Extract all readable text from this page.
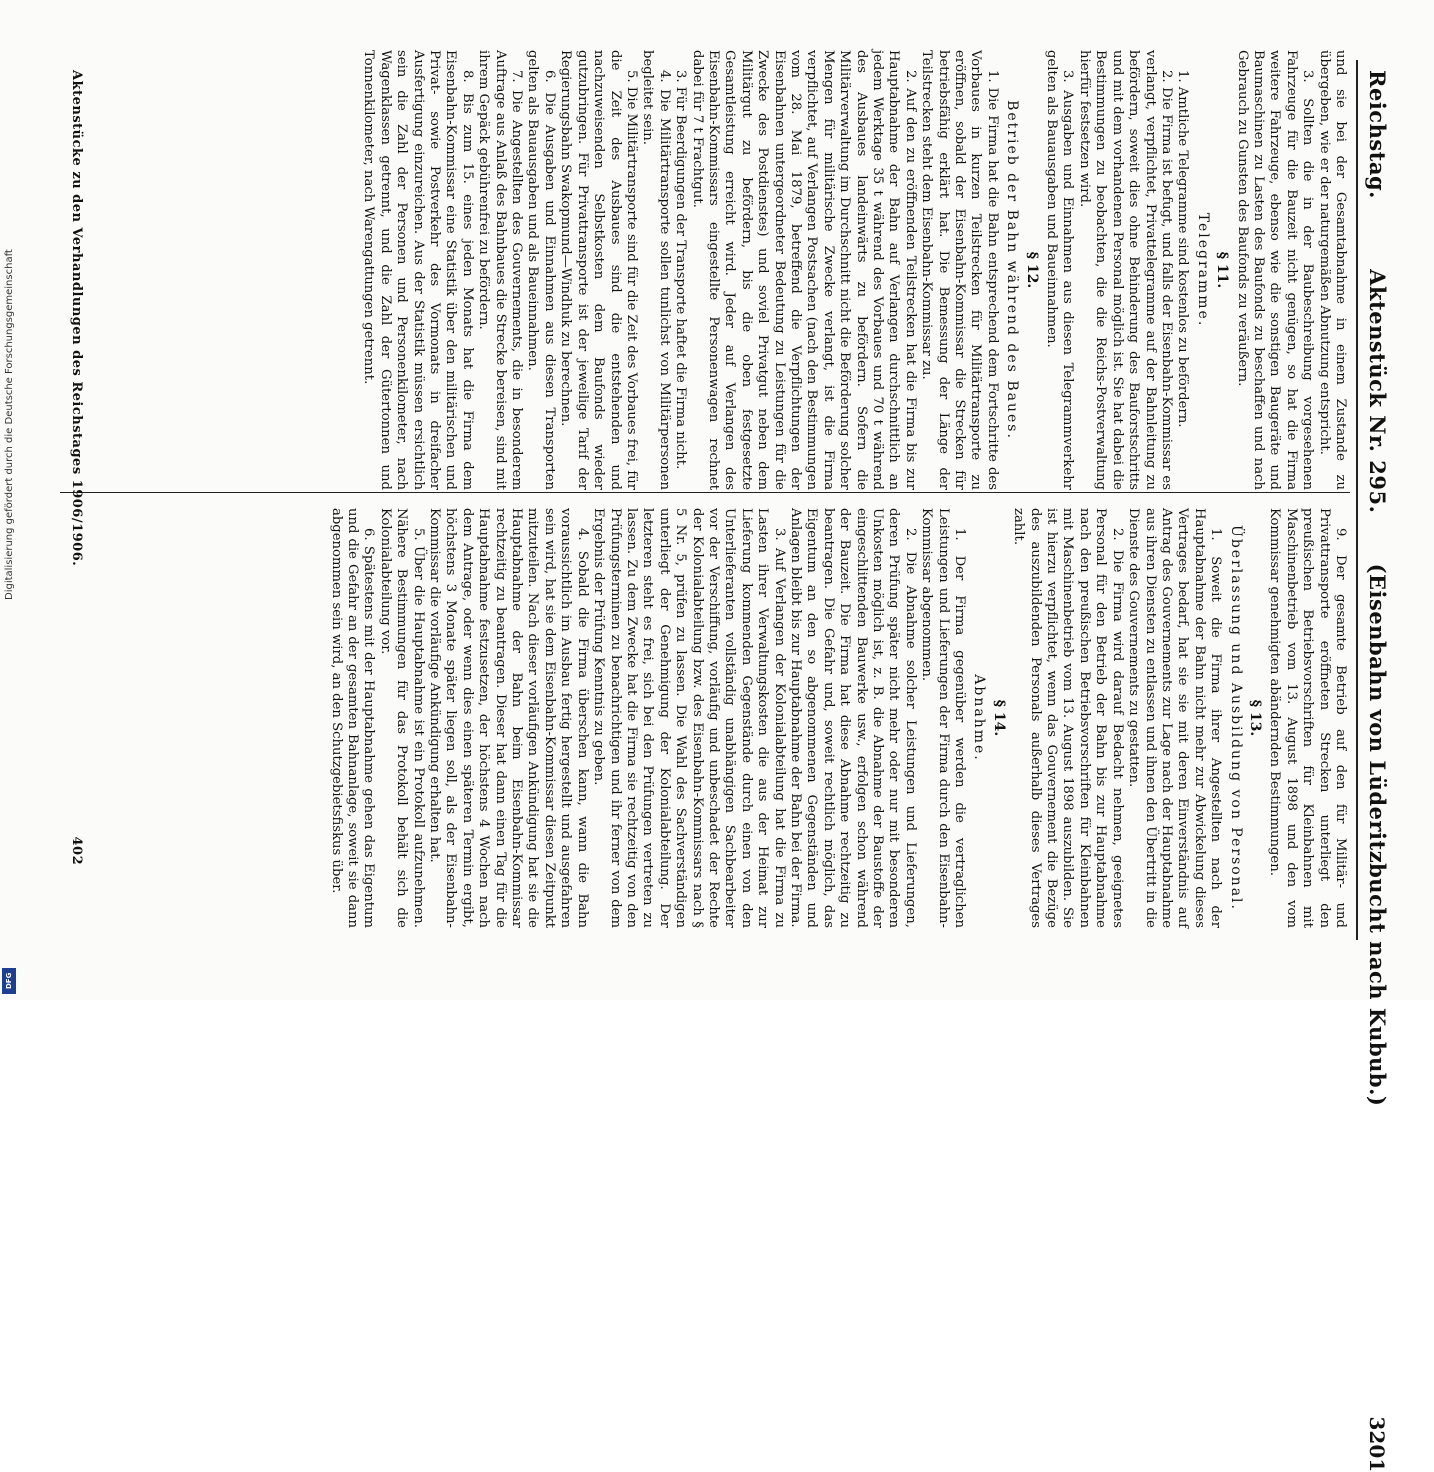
Reichstag.  Aktenstück Nr. 295.  (Eisenbahn von Lüderitzbucht nach Kubub.)  3201

und sie bei der Gesamtabnahme in einem Zustande zu übergeben, wie er der naturgemäßen Abnutzung entspricht.

3. Sollten die in der Baubeschreibung vorgesehenen Fahrzeuge für die Bauzeit nicht genügen, so hat die Firma weitere Fahrzeuge, ebenso wie die sonstigen Baugeräte und Baumaschinen zu Lasten des Baufonds zu beschaffen und nach Gebrauch zu Gunsten des Baufonds zu veräußern.

§ 11.
Telegramme.

1. Amtliche Telegramme sind kostenlos zu befördern.

2. Die Firma ist befugt, und falls der Eisenbahn-Kommissar es verlangt, verpflichtet, Privattelegramme auf der Bahnleitung zu befördern, soweit dies ohne Behinderung des Bauforstschritts und mit dem vorhandenen Personal möglich ist. Sie hat dabei die Bestimmungen zu beobachten, die die Reichs-Postverwaltung hierfür festsetzen wird.

3. Ausgaben und Einnahmen aus diesen Telegrammverkehr gelten als Bauausgaben und Baueinnahmen.

§ 12.
Betrieb der Bahn während des Baues.

1. Die Firma hat die Bahn entsprechend dem Fortschritte des Vorbaues in kurzen Teilstrecken für Militärtransporte zu eröffnen, sobald der Eisenbahn-Kommissar die Strecken für betriebsfähig erklärt hat. Die Bemessung der Länge der Teilstrecken steht dem Eisenbahn-Kommissar zu.

2. Auf den zu eröffnenden Teilstrecken hat die Firma bis zur Hauptabnahme der Bahn auf Verlangen durchschnittlich an jedem Werktage 35 t während des Vorbaues und 70 t während des Ausbaues landeinwärts zu befördern. Sofern die Militärverwaltung im Durchschnitt nicht die Beförderung solcher Mengen für militärische Zwecke verlangt, ist die Firma verpflichtet, auf Verlangen Postsachen (nach den Bestimmungen vom 28. Mai 1879, betreffend die Verpflichtungen der Eisenbahnen untergeordneter Bedeutung zu Leistungen für die Zwecke des Postdienstes) und soviel Privatgut neben dem Militärgut zu befördern, bis die oben festgesetzte Gesamtleistung erreicht wird. Jeder auf Verlangen des Eisenbahn-Kommissars eingestellte Personenwagen rechnet dabei für 7 t Frachtgut.

3. Für Beerdigungen der Transporte haftet die Firma nicht.

4. Die Militärtransporte sollen tunlichst von Militärpersonen begleitet sein.

5. Die Militärtransporte sind für die Zeit des Vorbaues frei, für die Zeit des Ausbaues sind die entstehenden und nachzuweisenden Selbstkosten dem Baufonds wieder gutzubringen. Für Privattransporte ist der jeweilige Tarif der Regierungsbahn Swakopmund—Windhuk zu berechnen.

6. Die Ausgaben und Einnahmen aus diesen Transporten gelten als Bauausgaben und als Baueinnahmen.

7. Die Angestellten des Gouvernements, die in besonderem Auftrage aus Anlaß des Bahnbaues die Strecke bereisen, sind mit ihrem Gepäck gebührenfrei zu befördern.

8. Bis zum 15. eines jeden Monats hat die Firma dem Eisenbahn-Kommissar eine Statistik über den militärischen und Privat- sowie Postverkehr des Vormonats in dreifacher Ausfertigung einzureichen. Aus der Statistik müssen ersichtlich sein die Zahl der Personen und Personenkilometer, nach Wagenklassen getrennt, und die Zahl der Gütertonnen und Tonnenkilometer, nach Warengattungen getrennt.

9. Der gesamte Betrieb auf den für Militär- und Privattransporte eröffneten Strecken unterliegt den preußischen Betriebsvorschriften für Kleinbahnen mit Maschinenbetrieb vom 13. August 1898 und den vom Kommissar genehmigten abändernden Bestimmungen.

§ 13.
Überlassung und Ausbildung von Personal.

1. Soweit die Firma ihrer Angestellten nach der Hauptabnahme der Bahn nicht mehr zur Abwickelung dieses Vertrages bedarf, hat sie sie mit deren Einverständnis auf Antrag des Gouvernements zur Lage nach der Hauptabnahme aus ihren Diensten zu entlassen und ihnen den Übertritt in die Dienste des Gouvernements zu gestatten.

2. Die Firma wird darauf Bedacht nehmen, geeignetes Personal für den Betrieb der Bahn bis zur Hauptabnahme nach den preußischen Betriebsvorschriften für Kleinbahnen mit Maschinenbetrieb vom 13. August 1898 auszubilden. Sie ist hierzu verpflichtet, wenn das Gouvernement die Bezüge des auszubildenden Personals außerhalb dieses Vertrages zahlt.

§ 14.
Abnahme.

1. Der Firma gegenüber werden die vertraglichen Leistungen und Lieferungen der Firma durch den Eisenbahn-Kommissar abgenommen.

2. Die Abnahme solcher Leistungen und Lieferungen, deren Prüfung später nicht mehr oder nur mit besonderen Unkosten möglich ist, z. B. die Abnahme der Baustoffe der eingeschlittenden Bauwerke usw., erfolgen schon während der Bauzeit. Die Firma hat diese Abnahme rechtzeitig zu beantragen. Die Gefahr und, soweit rechtlich möglich, das Eigentum an den so abgenommenen Gegenständen und Anlagen bleibt bis zur Hauptabnahme der Bahn bei der Firma.

3. Auf Verlangen der Kolonialabteilung hat die Firma zu Lasten ihrer Verwaltungskosten die aus der Heimat zur Lieferung kommenden Gegenstände durch einen von den Unterlieferanten vollständig unabhängigen Sachbearbeiter vor der Verschiffung, vorläufig und unbeschadet der Rechte der Kolonialabteilung bzw. des Eisenbahn-Kommissars nach § 5 Nr. 5, prüfen zu lassen. Die Wahl des Sachverständigen unterliegt der Genehmigung der Kolonialabteilung. Der letzteren steht es frei, sich bei den Prüfungen vertreten zu lassen. Zu dem Zwecke hat die Firma sie rechtzeitig von den Prüfungsterminen zu benachrichtigen und ihr ferner von dem Ergebnis der Prüfung Kenntnis zu geben.

4. Sobald die Firma überschen kann, wann die Bahn voraussichtlich im Ausbau fertig hergestellt und ausgefahren sein wird, hat sie dem Eisenbahn-Kommissar diesen Zeitpunkt mitzuteilen. Nach dieser vorläufigen Ankündigung hat sie die Hauptabnahme der Bahn beim Eisenbahn-Kommissar rechtzeitig zu beantragen. Dieser hat dann einen Tag für die Hauptabnahme festzusetzen, der höchstens 4 Wochen nach dem Antrage, oder wenn dies einen späteren Termin ergibt, höchstens 3 Monate später liegen soll, als der Eisenbahn-Kommissar die vorläufige Ankündigung erhalten hat.

5. Über die Hauptabnahme ist ein Protokoll aufzunehmen. Nähere Bestimmungen für das Protokoll behält sich die Kolonialabteilung vor.

6. Spätestens mit der Hauptabnahme gehen das Eigentum und die Gefahr an der gesamten Bahnanlage, soweit sie dann abgenommen sein wird, an den Schutzgebietsfiskus über.

Aktenstücke zu den Verhandlungen des Reichstages 1906/1906.  402
Digitalisierung gefördert durch die Deutsche Forschungsgemeinschaft
DFG
